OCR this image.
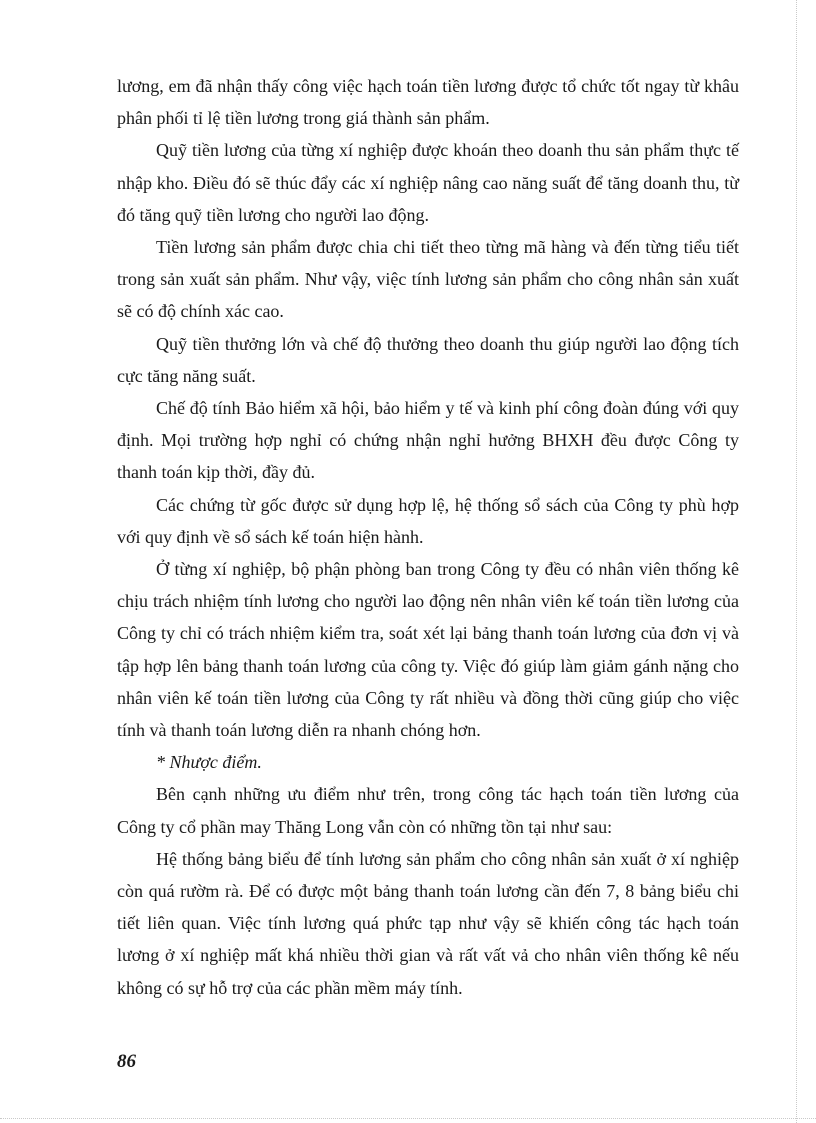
lương, em đã nhận thấy công việc hạch toán tiền lương được tổ chức tốt ngay từ khâu phân phối tỉ lệ tiền lương trong giá thành sản phẩm.

Quỹ tiền lương của từng xí nghiệp được khoán theo doanh thu sản phẩm thực tế nhập kho. Điều đó sẽ thúc đẩy các xí nghiệp nâng cao năng suất để tăng doanh thu, từ đó tăng quỹ tiền lương cho người lao động.

Tiền lương sản phẩm được chia chi tiết theo từng mã hàng và đến từng tiểu tiết trong sản xuất sản phẩm. Như vậy, việc tính lương sản phẩm cho công nhân sản xuất sẽ có độ chính xác cao.

Quỹ tiền thưởng lớn và chế độ thưởng theo doanh thu giúp người lao động tích cực tăng năng suất.

Chế độ tính Bảo hiểm xã hội, bảo hiểm y tế và kinh phí công đoàn đúng với quy định. Mọi trường hợp nghỉ có chứng nhận nghỉ hưởng BHXH đều được Công ty thanh toán kịp thời, đầy đủ.

Các chứng từ gốc được sử dụng hợp lệ, hệ thống sổ sách của Công ty phù hợp với quy định về sổ sách kế toán hiện hành.

Ở từng xí nghiệp, bộ phận phòng ban trong Công ty đều có nhân viên thống kê chịu trách nhiệm tính lương cho người lao động nên nhân viên kế toán tiền lương của Công ty chỉ có trách nhiệm kiểm tra, soát xét lại bảng thanh toán lương của đơn vị và tập hợp lên bảng thanh toán lương của công ty. Việc đó giúp làm giảm gánh nặng cho nhân viên kế toán tiền lương của Công ty rất nhiều và đồng thời cũng giúp cho việc tính và thanh toán lương diễn ra nhanh chóng hơn.

* Nhược điểm.

Bên cạnh những ưu điểm như trên, trong công tác hạch toán tiền lương của Công ty cổ phần may Thăng Long vẫn còn có những tồn tại như sau:

Hệ thống bảng biểu để tính lương sản phẩm cho công nhân sản xuất ở xí nghiệp còn quá rườm rà. Để có được một bảng thanh toán lương cần đến 7, 8 bảng biểu chi tiết liên quan. Việc tính lương quá phức tạp như vậy sẽ khiến công tác hạch toán lương ở xí nghiệp mất khá nhiều thời gian và rất vất vả cho nhân viên thống kê nếu không có sự hỗ trợ của các phần mềm máy tính.

86
